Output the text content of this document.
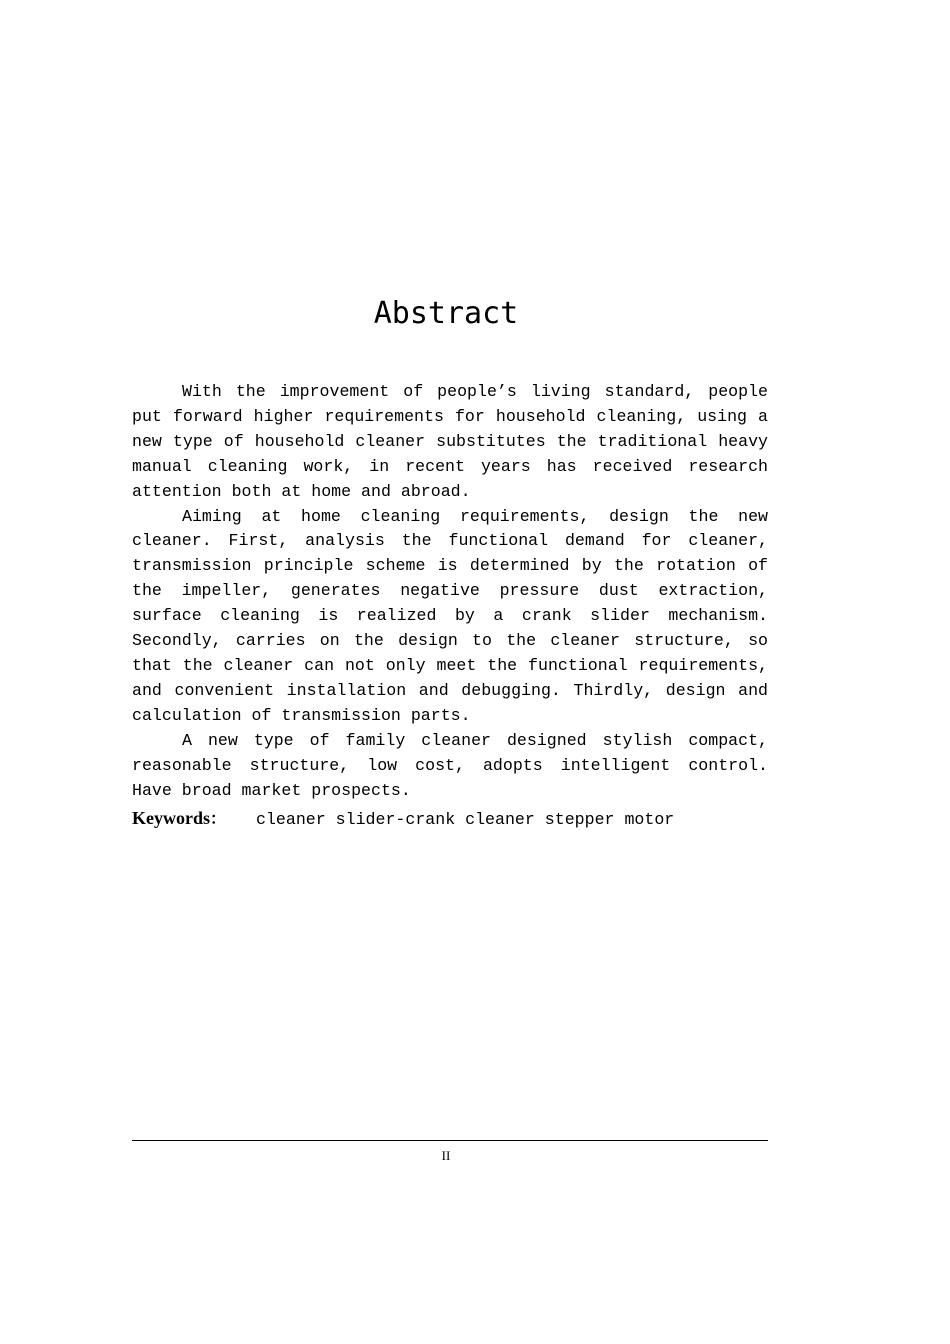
Abstract

With the improvement of people’s living standard, people put forward higher requirements for household cleaning, using a new type of household cleaner substitutes the traditional heavy manual cleaning work, in recent years has received research attention both at home and abroad.

Aiming at home cleaning requirements, design the new cleaner. First, analysis the functional demand for cleaner, transmission principle scheme is determined by the rotation of the impeller, generates negative pressure dust extraction, surface cleaning is realized by a crank slider mechanism. Secondly, carries on the design to the cleaner structure, so that the cleaner can not only meet the functional requirements, and convenient installation and debugging. Thirdly, design and calculation of transmission parts.

A new type of family cleaner designed stylish compact, reasonable structure, low cost, adopts intelligent control. Have broad market prospects.

Keywords： cleaner slider-crank cleaner stepper motor
II
